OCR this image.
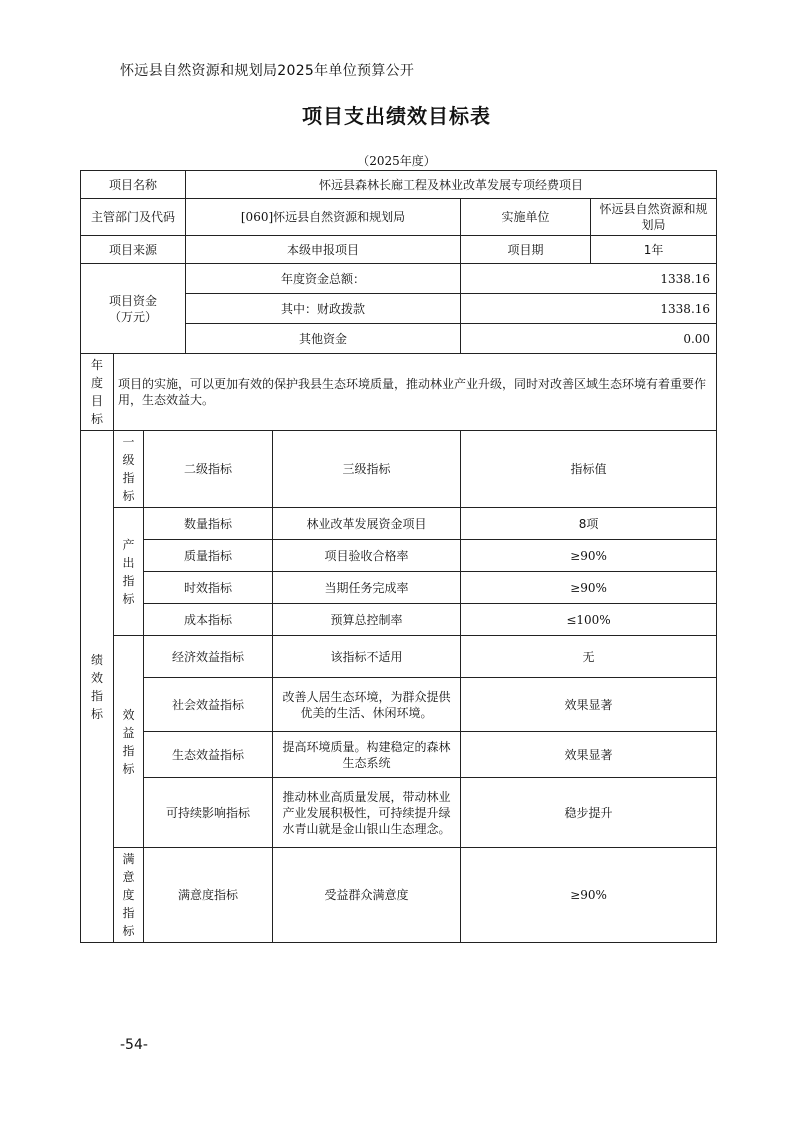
怀远县自然资源和规划局2025年单位预算公开
项目支出绩效目标表
（2025年度）
项目名称			怀远县森林长廊工程及林业改革发展专项经费项目			
主管部门及代码			[060]怀远县自然资源和规划局		实施单位	怀远县自然资源和规划局
项目来源			本级申报项目		项目期	1年
项目资金（万元）			年度资金总额：		1338.16	
			其中：财政拨款		1338.16	
			其他资金		0.00	
年度目标	项目的实施，可以更加有效的保护我县生态环境质量，推动林业产业升级，同时对改善区域生态环境有着重要作用，生态效益大。					
绩效指标	一级指标	二级指标		三级指标	指标值	
	产出指标	数量指标		林业改革发展资金项目	8项	
		质量指标		项目验收合格率	≥90%	
		时效指标		当期任务完成率	≥90%	
		成本指标		预算总控制率	≤100%	
	效益指标	经济效益指标		该指标不适用	无	
		社会效益指标		改善人居生态环境，为群众提供优美的生活、休闲环境。	效果显著	
		生态效益指标		提高环境质量。构建稳定的森林生态系统	效果显著	
		可持续影响指标		推动林业高质量发展，带动林业产业发展积极性，可持续提升绿水青山就是金山银山生态理念。	稳步提升	
	满意度指标	满意度指标		受益群众满意度	≥90%	
-54-
